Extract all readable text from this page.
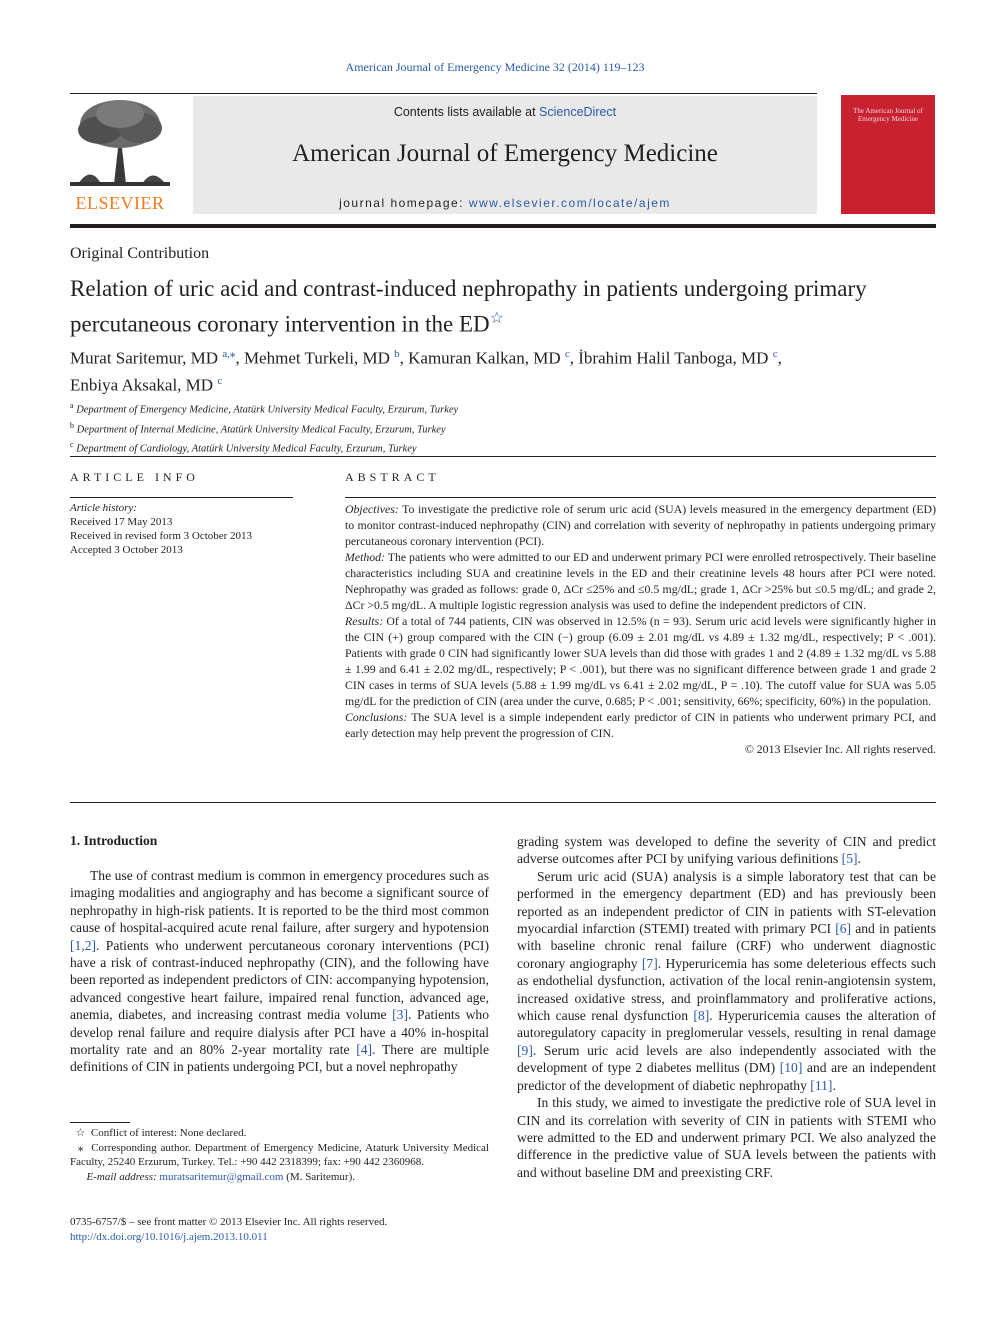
American Journal of Emergency Medicine 32 (2014) 119–123
ELSEVIER
Contents lists available at ScienceDirect
American Journal of Emergency Medicine
journal homepage: www.elsevier.com/locate/ajem
The American Journal of Emergency Medicine
Original Contribution
Relation of uric acid and contrast-induced nephropathy in patients undergoing primary percutaneous coronary intervention in the ED☆
Murat Saritemur, MD $^{a,⁎}$, Mehmet Turkeli, MD $^b$, Kamuran Kalkan, MD $^c$, İbrahim Halil Tanboga, MD $^c$,
Enbiya Aksakal, MD $^c$
$^a$ Department of Emergency Medicine, Atatürk University Medical Faculty, Erzurum, Turkey
$^b$ Department of Internal Medicine, Atatürk University Medical Faculty, Erzurum, Turkey
$^c$ Department of Cardiology, Atatürk University Medical Faculty, Erzurum, Turkey
ARTICLE INFO
Article history:
Received 17 May 2013
Received in revised form 3 October 2013
Accepted 3 October 2013
ABSTRACT

Objectives: To investigate the predictive role of serum uric acid (SUA) levels measured in the emergency department (ED) to monitor contrast-induced nephropathy (CIN) and correlation with severity of nephropathy in patients undergoing primary percutaneous coronary intervention (PCI).

Method: The patients who were admitted to our ED and underwent primary PCI were enrolled retrospectively. Their baseline characteristics including SUA and creatinine levels in the ED and their creatinine levels 48 hours after PCI were noted. Nephropathy was graded as follows: grade 0, ΔCr ≤25% and ≤0.5 mg/dL; grade 1, ΔCr >25% but ≤0.5 mg/dL; and grade 2, ΔCr >0.5 mg/dL. A multiple logistic regression analysis was used to define the independent predictors of CIN.

Results: Of a total of 744 patients, CIN was observed in 12.5% (n = 93). Serum uric acid levels were significantly higher in the CIN (+) group compared with the CIN (−) group (6.09 ± 2.01 mg/dL vs 4.89 ± 1.32 mg/dL, respectively; P < .001). Patients with grade 0 CIN had significantly lower SUA levels than did those with grades 1 and 2 (4.89 ± 1.32 mg/dL vs 5.88 ± 1.99 and 6.41 ± 2.02 mg/dL, respectively; P < .001), but there was no significant difference between grade 1 and grade 2 CIN cases in terms of SUA levels (5.88 ± 1.99 mg/dL vs 6.41 ± 2.02 mg/dL, P = .10). The cutoff value for SUA was 5.05 mg/dL for the prediction of CIN (area under the curve, 0.685; P < .001; sensitivity, 66%; specificity, 60%) in the population.

Conclusions: The SUA level is a simple independent early predictor of CIN in patients who underwent primary PCI, and early detection may help prevent the progression of CIN.

© 2013 Elsevier Inc. All rights reserved.

1. Introduction

The use of contrast medium is common in emergency procedures such as imaging modalities and angiography and has become a significant source of nephropathy in high-risk patients. It is reported to be the third most common cause of hospital-acquired acute renal failure, after surgery and hypotension [1,2]. Patients who underwent percutaneous coronary interventions (PCI) have a risk of contrast-induced nephropathy (CIN), and the following have been reported as independent predictors of CIN: accompanying hypotension, advanced congestive heart failure, impaired renal function, advanced age, anemia, diabetes, and increasing contrast media volume [3]. Patients who develop renal failure and require dialysis after PCI have a 40% in-hospital mortality rate and an 80% 2-year mortality rate [4]. There are multiple definitions of CIN in patients undergoing PCI, but a novel nephropathy

grading system was developed to define the severity of CIN and predict adverse outcomes after PCI by unifying various definitions [5].

Serum uric acid (SUA) analysis is a simple laboratory test that can be performed in the emergency department (ED) and has previously been reported as an independent predictor of CIN in patients with ST-elevation myocardial infarction (STEMI) treated with primary PCI [6] and in patients with baseline chronic renal failure (CRF) who underwent diagnostic coronary angiography [7]. Hyperuricemia has some deleterious effects such as endothelial dysfunction, activation of the local renin-angiotensin system, increased oxidative stress, and proinflammatory and proliferative actions, which cause renal dysfunction [8]. Hyperuricemia causes the alteration of autoregulatory capacity in preglomerular vessels, resulting in renal damage [9]. Serum uric acid levels are also independently associated with the development of type 2 diabetes mellitus (DM) [10] and are an independent predictor of the development of diabetic nephropathy [11].

In this study, we aimed to investigate the predictive role of SUA level in CIN and its correlation with severity of CIN in patients with STEMI who were admitted to the ED and underwent primary PCI. We also analyzed the difference in the predictive value of SUA levels between the patients with and without baseline DM and preexisting CRF.

☆ Conflict of interest: None declared.

⁎ Corresponding author. Department of Emergency Medicine, Ataturk University Medical Faculty, 25240 Erzurum, Turkey. Tel.: +90 442 2318399; fax: +90 442 2360968.

E-mail address: muratsaritemur@gmail.com (M. Saritemur).

0735-6757/$ – see front matter © 2013 Elsevier Inc. All rights reserved.
http://dx.doi.org/10.1016/j.ajem.2013.10.011
